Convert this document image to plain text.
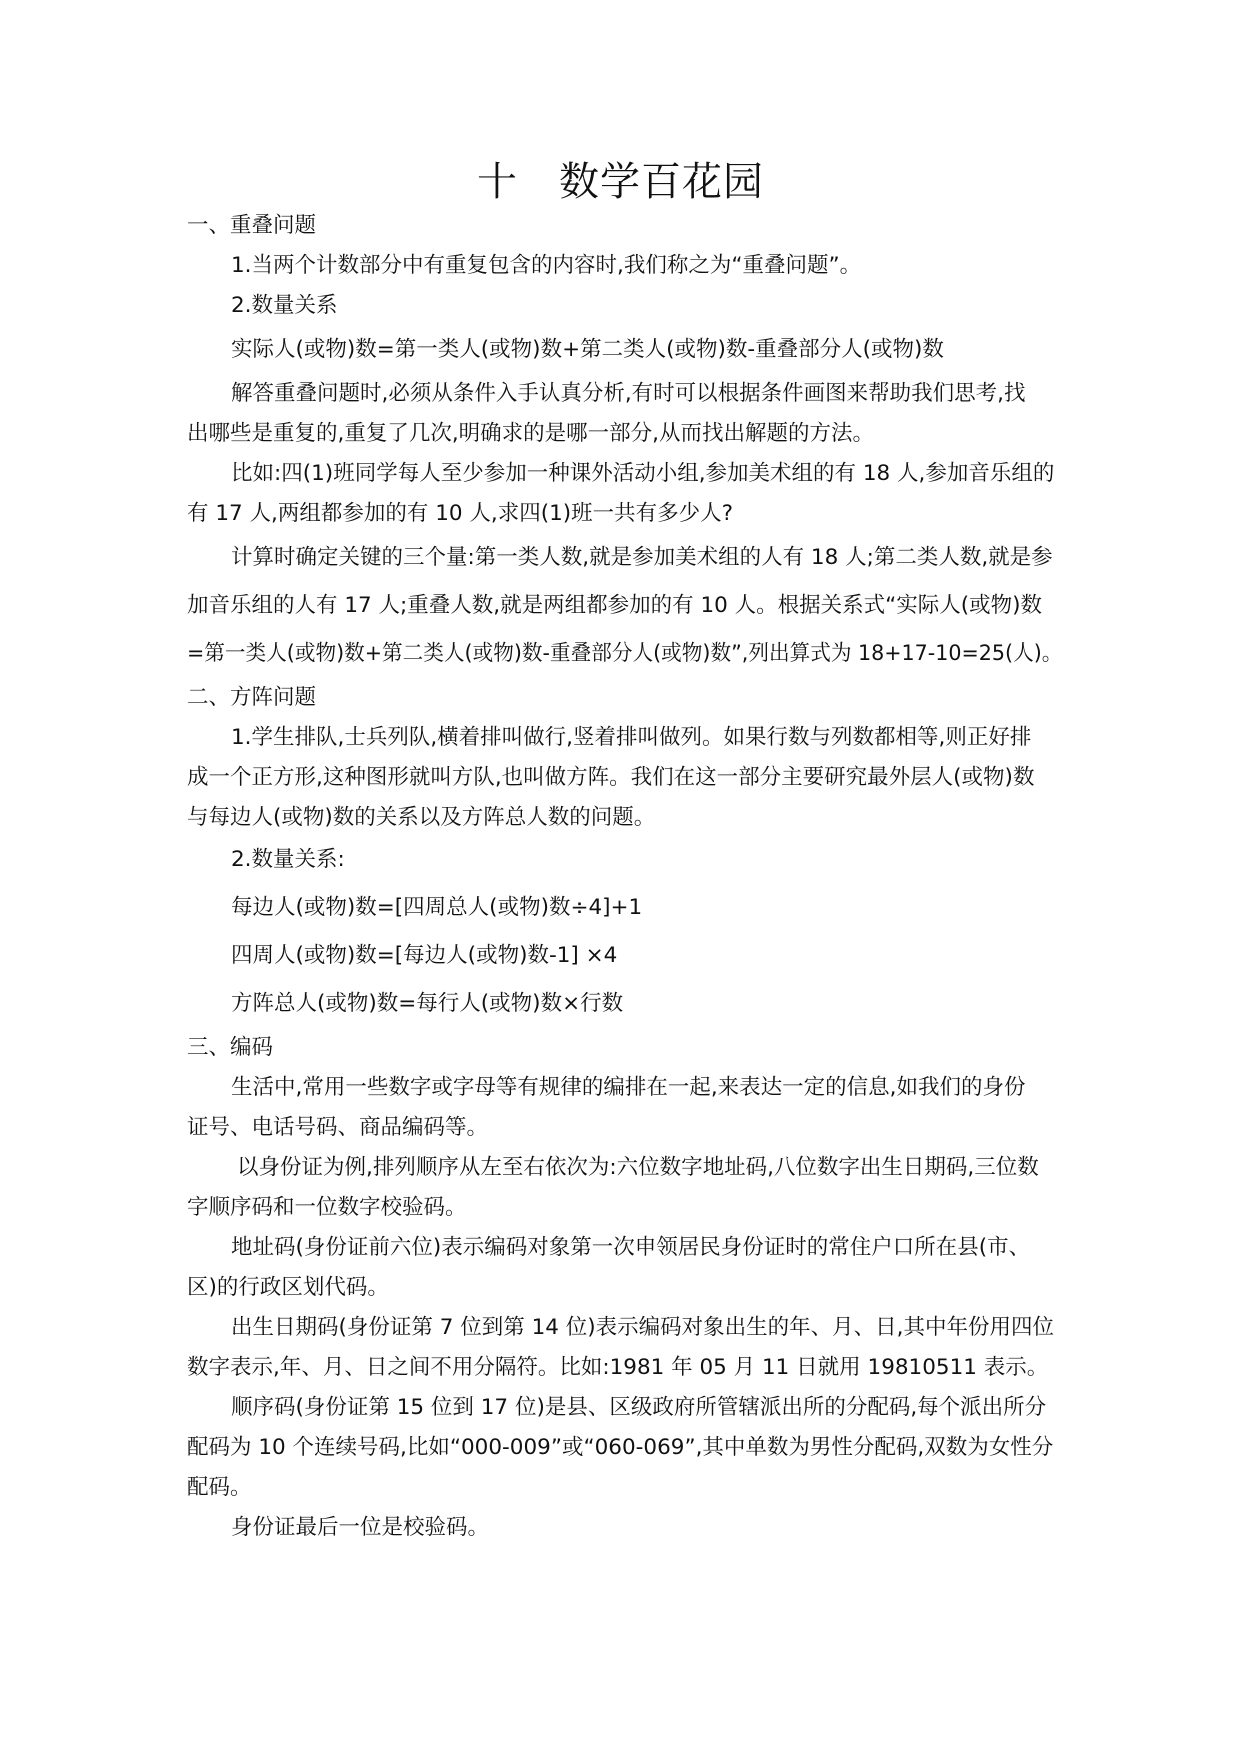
十　数学百花园
一、重叠问题
1.当两个计数部分中有重复包含的内容时,我们称之为“重叠问题”。
2.数量关系
实际人(或物)数=第一类人(或物)数+第二类人(或物)数-重叠部分人(或物)数
解答重叠问题时,必须从条件入手认真分析,有时可以根据条件画图来帮助我们思考,找
出哪些是重复的,重复了几次,明确求的是哪一部分,从而找出解题的方法。
比如:四(1)班同学每人至少参加一种课外活动小组,参加美术组的有 18 人,参加音乐组的
有 17 人,两组都参加的有 10 人,求四(1)班一共有多少人?
计算时确定关键的三个量:第一类人数,就是参加美术组的人有 18 人;第二类人数,就是参
加音乐组的人有 17 人;重叠人数,就是两组都参加的有 10 人。根据关系式“实际人(或物)数
=第一类人(或物)数+第二类人(或物)数-重叠部分人(或物)数”,列出算式为 18+17-10=25(人)。
二、方阵问题
1.学生排队,士兵列队,横着排叫做行,竖着排叫做列。如果行数与列数都相等,则正好排
成一个正方形,这种图形就叫方队,也叫做方阵。我们在这一部分主要研究最外层人(或物)数
与每边人(或物)数的关系以及方阵总人数的问题。
2.数量关系:
每边人(或物)数=[四周总人(或物)数÷4]+1
四周人(或物)数=[每边人(或物)数-1] ×4
方阵总人(或物)数=每行人(或物)数×行数
三、编码
生活中,常用一些数字或字母等有规律的编排在一起,来表达一定的信息,如我们的身份
证号、电话号码、商品编码等。
以身份证为例,排列顺序从左至右依次为:六位数字地址码,八位数字出生日期码,三位数
字顺序码和一位数字校验码。
地址码(身份证前六位)表示编码对象第一次申领居民身份证时的常住户口所在县(市、
区)的行政区划代码。
出生日期码(身份证第 7 位到第 14 位)表示编码对象出生的年、月、日,其中年份用四位
数字表示,年、月、日之间不用分隔符。比如:1981 年 05 月 11 日就用 19810511 表示。
顺序码(身份证第 15 位到 17 位)是县、区级政府所管辖派出所的分配码,每个派出所分
配码为 10 个连续号码,比如“000-009”或“060-069”,其中单数为男性分配码,双数为女性分
配码。
身份证最后一位是校验码。
